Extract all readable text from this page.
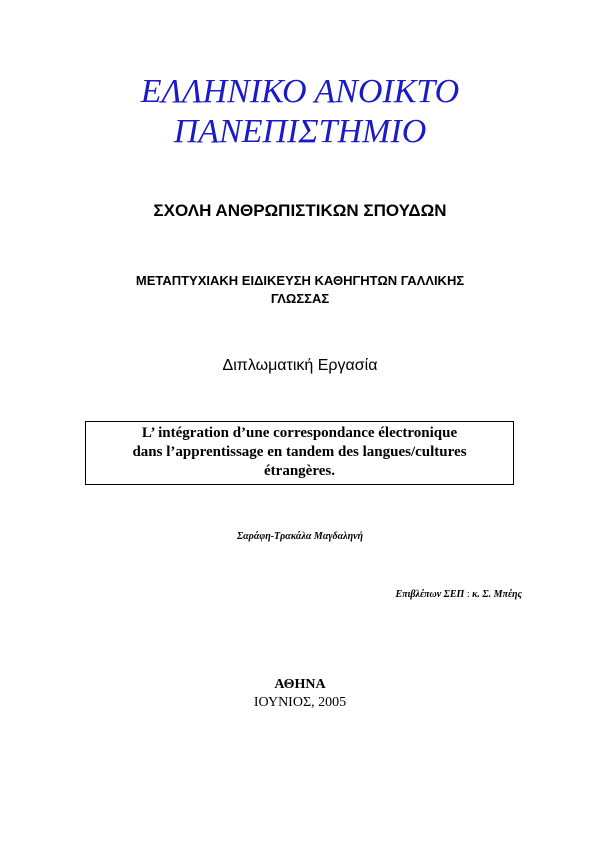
ΕΛΛΗΝΙΚΟ ΑΝΟΙΚΤΟ
ΠΑΝΕΠΙΣΤΗΜΙΟ
ΣΧΟΛΗ ΑΝΘΡΩΠΙΣΤΙΚΩΝ ΣΠΟΥΔΩΝ
ΜΕΤΑΠΤΥΧΙΑΚΗ ΕΙΔΙΚΕΥΣΗ ΚΑΘΗΓΗΤΩΝ ΓΑΛΛΙΚΗΣ
ΓΛΩΣΣΑΣ
Διπλωματική Εργασία
L’ intégration d’une correspondance électronique
dans l’apprentissage en tandem des langues/cultures
étrangères.
Σαράφη-Τρακάλα Μαγδαληνή
Επιβλέπων ΣΕΠ : κ. Σ. Μπέης
ΑΘΗΝΑ
ΙΟΥΝΙΟΣ, 2005
